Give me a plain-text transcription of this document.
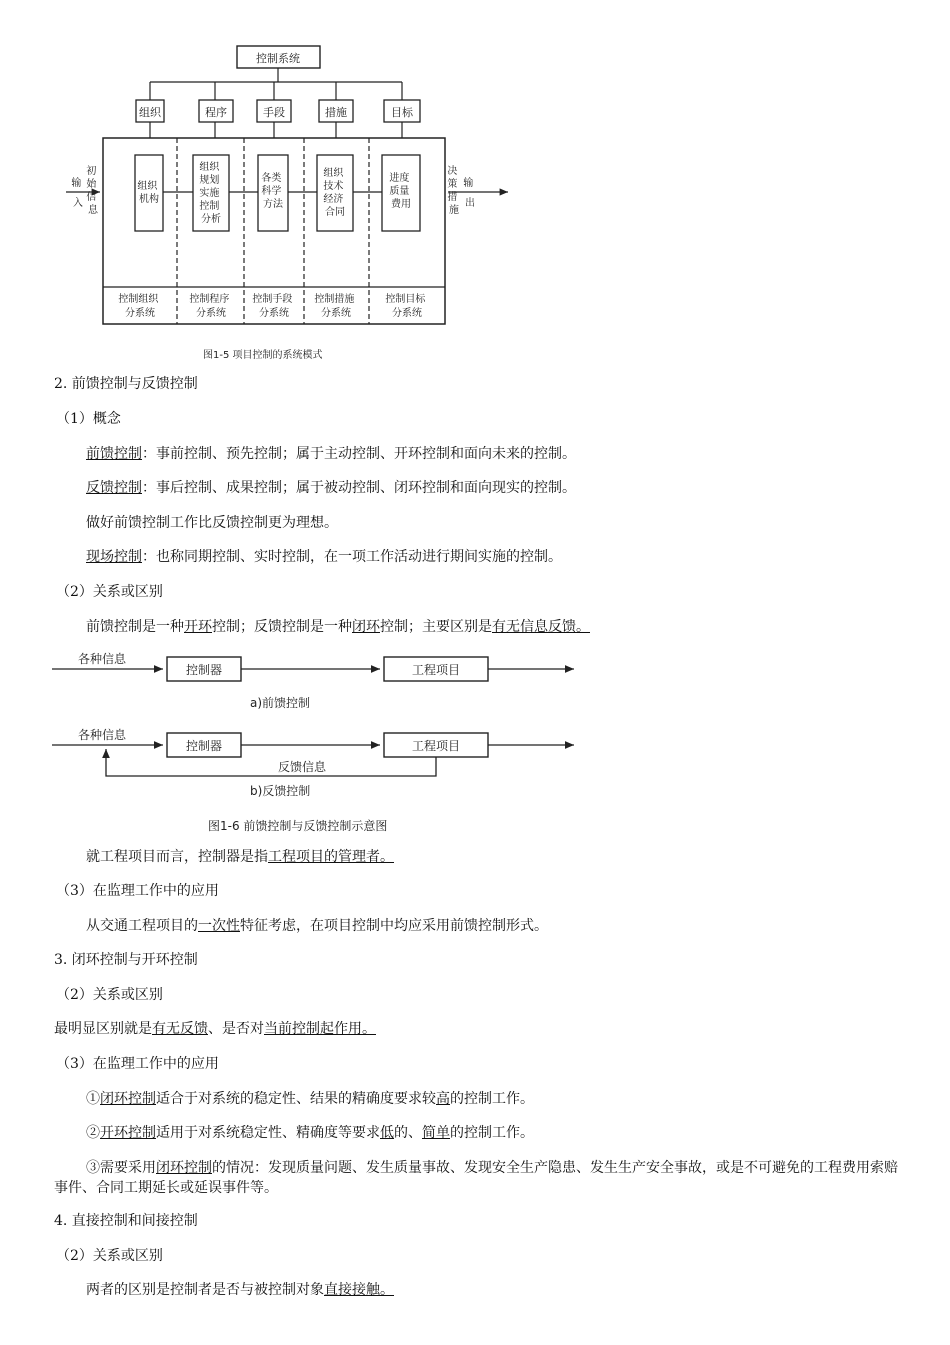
控制系统
组织	程序	手段	措施	目标
组织 机构
组织 规划 实施 控制 分析
各类 科学 方法
组织 技术 经济 合同
进度 质量 费用
输 入
初 始 信 息
决 策 措 施
输 出
控制组织 分系统
控制程序 分系统
控制手段 分系统
控制措施 分系统
控制目标 分系统
图1-5 项目控制的系统模式
2. 前馈控制与反馈控制
（1）概念
前馈控制：事前控制、预先控制；属于主动控制、开环控制和面向未来的控制。
反馈控制：事后控制、成果控制；属于被动控制、闭环控制和面向现实的控制。
做好前馈控制工作比反馈控制更为理想。
现场控制：也称同期控制、实时控制，在一项工作活动进行期间实施的控制。
（2）关系或区别
前馈控制是一种开环控制；反馈控制是一种闭环控制；主要区别是有无信息反馈。
各种信息
控制器	工程项目
a)前馈控制
各种信息
控制器	工程项目
反馈信息
b)反馈控制
图1-6 前馈控制与反馈控制示意图
就工程项目而言，控制器是指工程项目的管理者。
（3）在监理工作中的应用
从交通工程项目的一次性特征考虑，在项目控制中均应采用前馈控制形式。
3. 闭环控制与开环控制
（2）关系或区别
最明显区别就是有无反馈、是否对当前控制起作用。
（3）在监理工作中的应用
①闭环控制适合于对系统的稳定性、结果的精确度要求较高的控制工作。
②开环控制适用于对系统稳定性、精确度等要求低的、简单的控制工作。
③需要采用闭环控制的情况：发现质量问题、发生质量事故、发现安全生产隐患、发生生产安全事故，或是不可避免的工程费用索赔事件、合同工期延长或延误事件等。
4. 直接控制和间接控制
（2）关系或区别
两者的区别是控制者是否与被控制对象直接接触。
